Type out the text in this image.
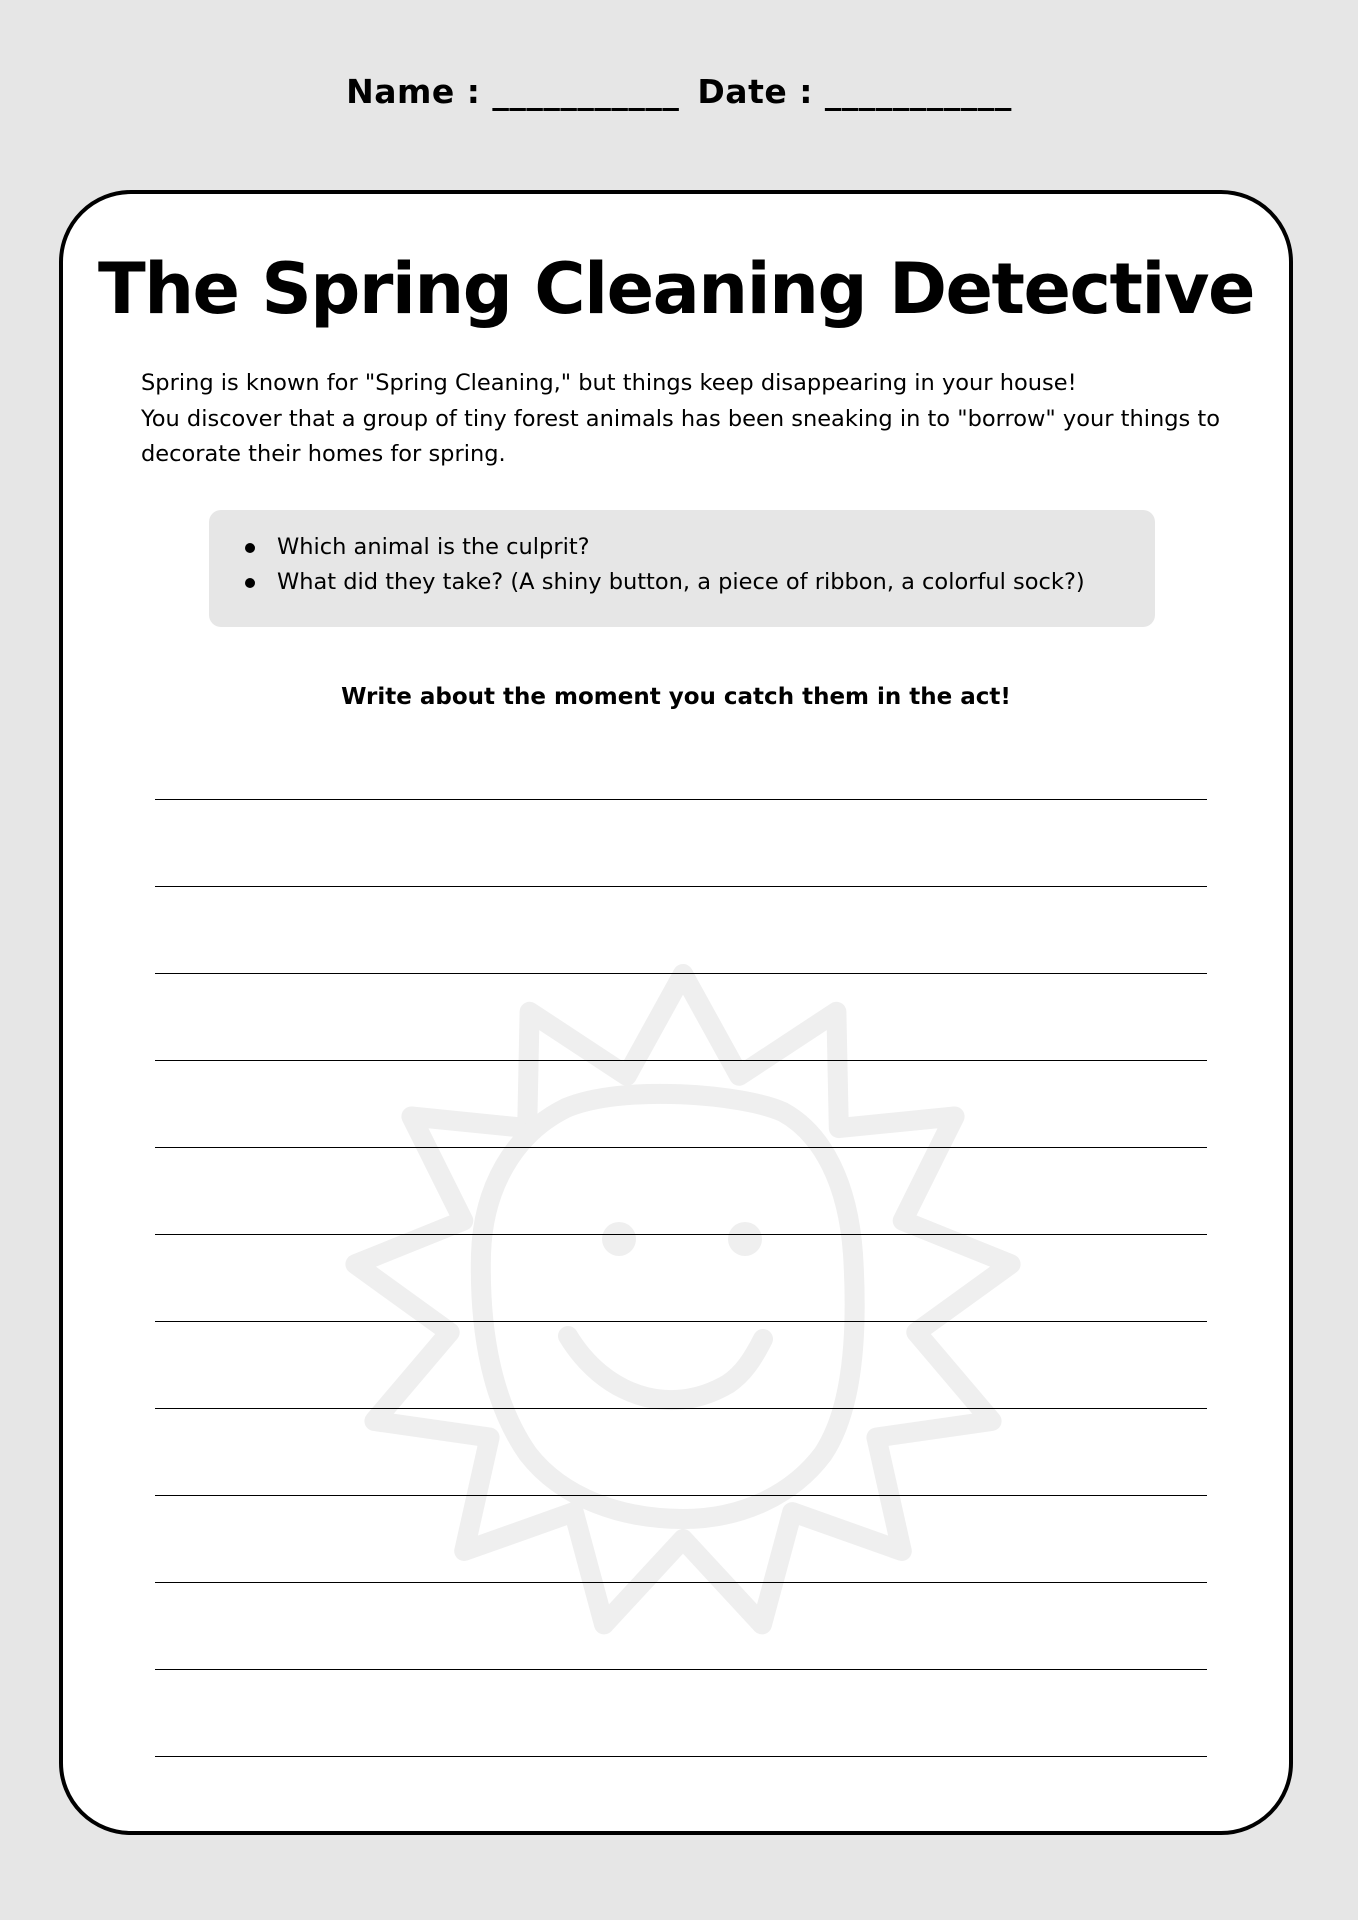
Name : ___________ Date : ___________
The Spring Cleaning Detective

Spring is known for "Spring Cleaning," but things keep disappearing in your house!

You discover that a group of tiny forest animals has been sneaking in to "borrow" your things to decorate their homes for spring.

Which animal is the culprit?
What did they take? (A shiny button, a piece of ribbon, a colorful sock?)
Write about the moment you catch them in the act!
